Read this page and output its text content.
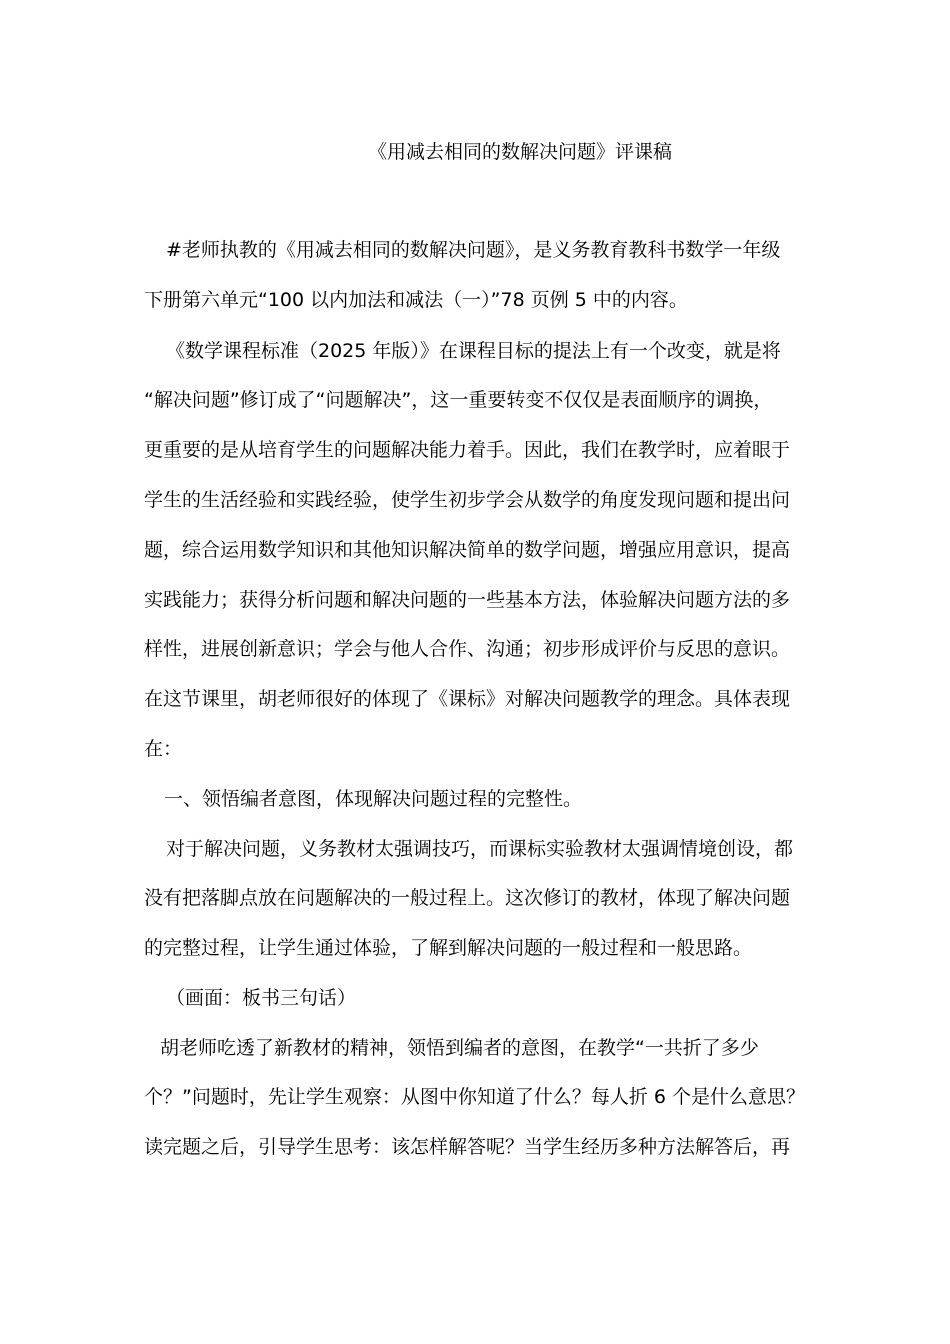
《用减去相同的数解决问题》评课稿
#老师执教的《用减去相同的数解决问题》，是义务教育教科书数学一年级
下册第六单元“100 以内加法和减法（一）”78 页例 5 中的内容。
《数学课程标准（2025 年版）》在课程目标的提法上有一个改变，就是将
“解决问题”修订成了“问题解决”，这一重要转变不仅仅是表面顺序的调换，
更重要的是从培育学生的问题解决能力着手。因此，我们在教学时，应着眼于
学生的生活经验和实践经验，使学生初步学会从数学的角度发现问题和提出问
题，综合运用数学知识和其他知识解决简单的数学问题，增强应用意识，提高
实践能力；获得分析问题和解决问题的一些基本方法，体验解决问题方法的多
样性，进展创新意识；学会与他人合作、沟通；初步形成评价与反思的意识。
在这节课里，胡老师很好的体现了《课标》对解决问题教学的理念。具体表现
在：
一、领悟编者意图，体现解决问题过程的完整性。
对于解决问题，义务教材太强调技巧，而课标实验教材太强调情境创设，都
没有把落脚点放在问题解决的一般过程上。这次修订的教材，体现了解决问题
的完整过程，让学生通过体验，了解到解决问题的一般过程和一般思路。
（画面：板书三句话）
胡老师吃透了新教材的精神，领悟到编者的意图，在教学“一共折了多少
个？”问题时，先让学生观察：从图中你知道了什么？每人折 6 个是什么意思？
读完题之后，引导学生思考：该怎样解答呢？当学生经历多种方法解答后，再
